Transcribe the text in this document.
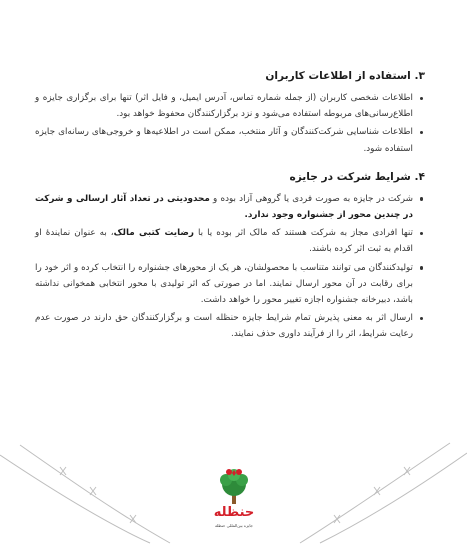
۳. استفاده از اطلاعات کاربران
اطلاعات شخصی کاربران (از جمله شماره تماس، آدرس ایمیل، و فایل اثر) تنها برای برگزاری جایزه و اطلاع‌رسانی‌های مربوطه استفاده می‌شود و نزد برگزارکنندگان محفوظ خواهد بود.
اطلاعات شناسایی شرکت‌کنندگان و آثار منتخب، ممکن است در اطلاعیه‌ها و خروجی‌های رسانه‌ای جایزه استفاده شود.
۴. شرایط شرکت در جایزه
شرکت در جایزه به صورت فردی یا گروهی آزاد بوده و محدودیتی در تعداد آثار ارسالی و شرکت در چندین محور از جشنواره وجود ندارد.
تنها افرادی مجاز به شرکت هستند که مالک اثر بوده یا با رضایت کتبی مالک، به عنوان نمایندهٔ او اقدام به ثبت اثر کرده باشند.
تولیدکنندگان می توانند متناسب با محصولشان، هر یک از محورهای جشنواره را انتخاب کرده و اثر خود را برای رقابت در آن محور ارسال نمایند. اما در صورتی که اثر تولیدی با محور انتخابی همخوانی نداشته باشد، دبیرخانه جشنواره اجازه تغییر محور را خواهد داشت.
ارسال اثر به معنی پذیرش تمام شرایط جایزه حنظله است و برگزارکنندگان حق دارند در صورت عدم رعایت شرایط، اثر را از فرآیند داوری حذف نمایند.
حنظله
جایزه بین‌المللی حنظله
